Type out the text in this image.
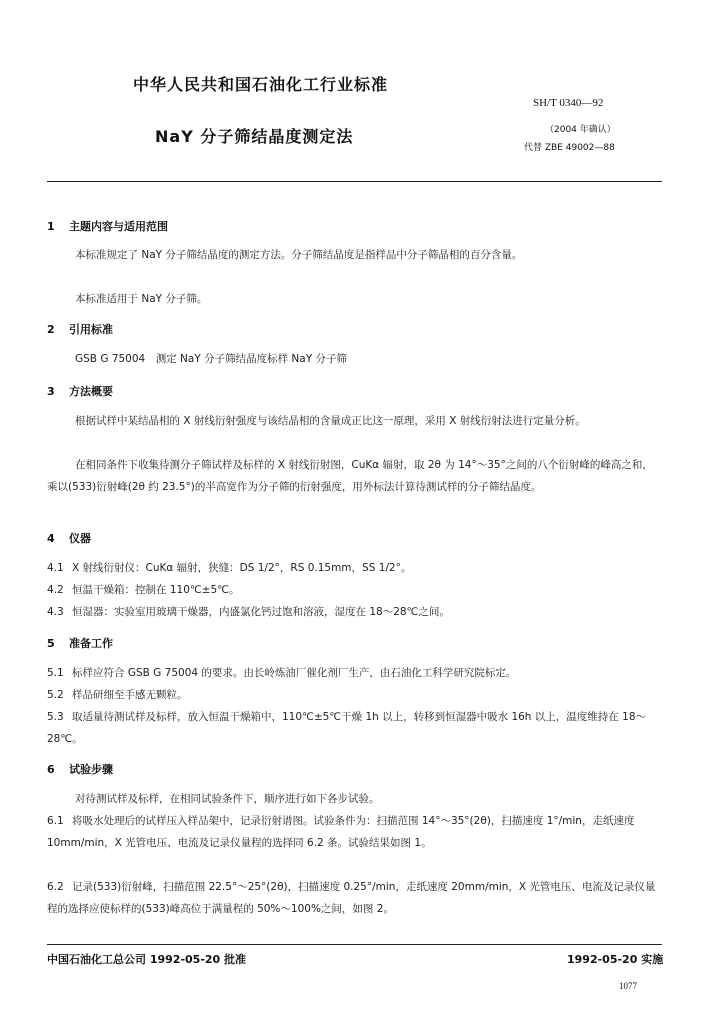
中华人民共和国石油化工行业标准
SH/T 0340—92
NaY 分子筛结晶度测定法	（2004 年确认）
代替 ZBE 49002—88
1 主题内容与适用范围
本标准规定了 NaY 分子筛结晶度的测定方法。分子筛结晶度是指样品中分子筛晶相的百分含量。
本标准适用于 NaY 分子筛。
2 引用标准
GSB G 75004　测定 NaY 分子筛结晶度标样 NaY 分子筛
3 方法概要
根据试样中某结晶相的 X 射线衍射强度与该结晶相的含量成正比这一原理，采用 X 射线衍射法进行定量分析。
在相同条件下收集待测分子筛试样及标样的 X 射线衍射图，CuKα 辐射，取 2θ 为 14°～35°之间的八个衍射峰的峰高之和，乘以(533)衍射峰(2θ 约 23.5°)的半高宽作为分子筛的衍射强度，用外标法计算待测试样的分子筛结晶度。
4 仪器
4.1 X 射线衍射仪：CuKα 辐射，狭缝：DS 1/2°，RS 0.15mm，SS 1/2°。
4.2 恒温干燥箱：控制在 110℃±5℃。
4.3 恒湿器：实验室用玻璃干燥器，内盛氯化钙过饱和溶液，湿度在 18～28℃之间。
5 准备工作
5.1 标样应符合 GSB G 75004 的要求。由长岭炼油厂催化剂厂生产，由石油化工科学研究院标定。
5.2 样品研细至手感无颗粒。
5.3 取适量待测试样及标样，放入恒温干燥箱中，110℃±5℃干燥 1h 以上，转移到恒湿器中吸水 16h 以上，温度维持在 18～28℃。
6 试验步骤
对待测试样及标样，在相同试验条件下，顺序进行如下各步试验。
6.1 将吸水处理后的试样压入样品架中，记录衍射谱图。试验条件为：扫描范围 14°～35°(2θ)，扫描速度 1°/min，走纸速度 10mm/min，X 光管电压、电流及记录仪量程的选择同 6.2 条。试验结果如图 1。
6.2 记录(533)衍射峰，扫描范围 22.5°～25°(2θ)，扫描速度 0.25°/min，走纸速度 20mm/min，X 光管电压、电流及记录仪量程的选择应使标样的(533)峰高位于满量程的 50%～100%之间，如图 2。
中国石油化工总公司 1992-05-20 批准	1992-05-20 实施
1077
